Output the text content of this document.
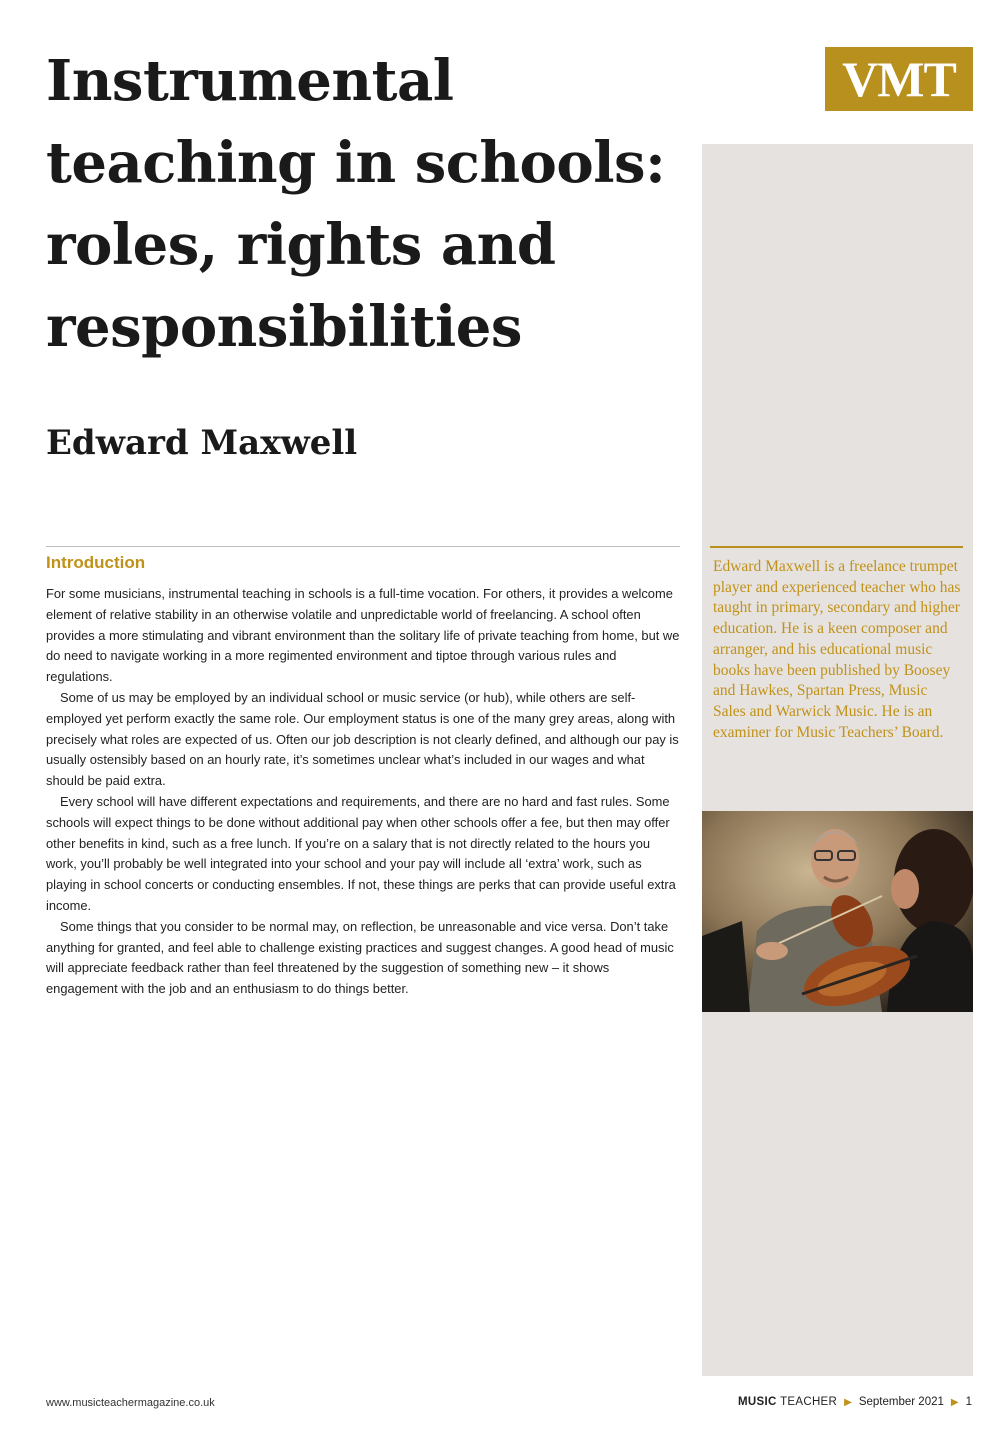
VMT
Instrumental teaching in schools: roles, rights and responsibilities
Edward Maxwell

Edward Maxwell is a freelance trumpet player and experienced teacher who has taught in primary, secondary and higher education. He is a keen composer and arranger, and his educational music books have been published by Boosey and Hawkes, Spartan Press, Music Sales and Warwick Music. He is an examiner for Music Teachers’ Board.

Introduction

For some musicians, instrumental teaching in schools is a full-time vocation. For others, it provides a welcome element of relative stability in an otherwise volatile and unpredictable world of freelancing. A school often provides a more stimulating and vibrant environment than the solitary life of private teaching from home, but we do need to navigate working in a more regimented environment and tiptoe through various rules and regulations.

Some of us may be employed by an individual school or music service (or hub), while others are self-employed yet perform exactly the same role. Our employment status is one of the many grey areas, along with precisely what roles are expected of us. Often our job description is not clearly defined, and although our pay is usually ostensibly based on an hourly rate, it’s sometimes unclear what’s included in our wages and what should be paid extra.

Every school will have different expectations and requirements, and there are no hard and fast rules. Some schools will expect things to be done without additional pay when other schools offer a fee, but then may offer other benefits in kind, such as a free lunch. If you’re on a salary that is not directly related to the hours you work, you’ll probably be well integrated into your school and your pay will include all ‘extra’ work, such as playing in school concerts or conducting ensembles. If not, these things are perks that can provide useful extra income.

Some things that you consider to be normal may, on reflection, be unreasonable and vice versa. Don’t take anything for granted, and feel able to challenge existing practices and suggest changes. A good head of music will appreciate feedback rather than feel threatened by the suggestion of something new – it shows engagement with the job and an enthusiasm to do things better.

www.musicteachermagazine.co.uk	MUSIC TEACHER ▶ September 2021 ▶ 1
